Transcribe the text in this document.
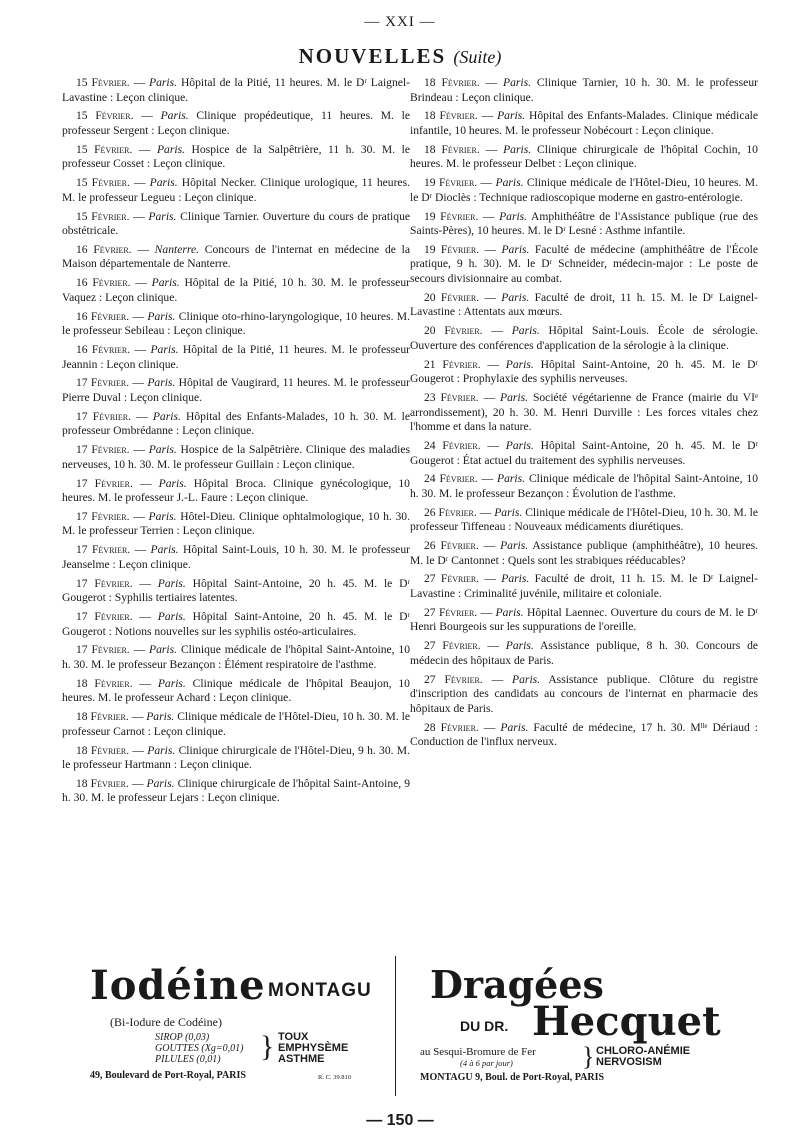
— XXI —
NOUVELLES (Suite)

15 Février. — Paris. Hôpital de la Pitié, 11 heures. M. le Dʳ Laignel-Lavastine : Leçon clinique.

15 Février. — Paris. Clinique propédeutique, 11 heures. M. le professeur Sergent : Leçon clinique.

15 Février. — Paris. Hospice de la Salpêtrière, 11 h. 30. M. le professeur Cosset : Leçon clinique.

15 Février. — Paris. Hôpital Necker. Clinique urologique, 11 heures. M. le professeur Legueu : Leçon clinique.

15 Février. — Paris. Clinique Tarnier. Ouverture du cours de pratique obstétricale.

16 Février. — Nanterre. Concours de l'internat en médecine de la Maison départementale de Nanterre.

16 Février. — Paris. Hôpital de la Pitié, 10 h. 30. M. le professeur Vaquez : Leçon clinique.

16 Février. — Paris. Clinique oto-rhino-laryngologique, 10 heures. M. le professeur Sebileau : Leçon clinique.

16 Février. — Paris. Hôpital de la Pitié, 11 heures. M. le professeur Jeannin : Leçon clinique.

17 Février. — Paris. Hôpital de Vaugirard, 11 heures. M. le professeur Pierre Duval : Leçon clinique.

17 Février. — Paris. Hôpital des Enfants-Malades, 10 h. 30. M. le professeur Ombrédanne : Leçon clinique.

17 Février. — Paris. Hospice de la Salpêtrière. Clinique des maladies nerveuses, 10 h. 30. M. le professeur Guillain : Leçon clinique.

17 Février. — Paris. Hôpital Broca. Clinique gynécologique, 10 heures. M. le professeur J.-L. Faure : Leçon clinique.

17 Février. — Paris. Hôtel-Dieu. Clinique ophtalmologique, 10 h. 30. M. le professeur Terrien : Leçon clinique.

17 Février. — Paris. Hôpital Saint-Louis, 10 h. 30. M. le professeur Jeanselme : Leçon clinique.

17 Février. — Paris. Hôpital Saint-Antoine, 20 h. 45. M. le Dʳ Gougerot : Syphilis tertiaires latentes.

17 Février. — Paris. Hôpital Saint-Antoine, 20 h. 45. M. le Dʳ Gougerot : Notions nouvelles sur les syphilis ostéo-articulaires.

17 Février. — Paris. Clinique médicale de l'hôpital Saint-Antoine, 10 h. 30. M. le professeur Bezançon : Élément respiratoire de l'asthme.

18 Février. — Paris. Clinique médicale de l'hôpital Beaujon, 10 heures. M. le professeur Achard : Leçon clinique.

18 Février. — Paris. Clinique médicale de l'Hôtel-Dieu, 10 h. 30. M. le professeur Carnot : Leçon clinique.

18 Février. — Paris. Clinique chirurgicale de l'Hôtel-Dieu, 9 h. 30. M. le professeur Hartmann : Leçon clinique.

18 Février. — Paris. Clinique chirurgicale de l'hôpital Saint-Antoine, 9 h. 30. M. le professeur Lejars : Leçon clinique.

18 Février. — Paris. Clinique Tarnier, 10 h. 30. M. le professeur Brindeau : Leçon clinique.

18 Février. — Paris. Hôpital des Enfants-Malades. Clinique médicale infantile, 10 heures. M. le professeur Nobécourt : Leçon clinique.

18 Février. — Paris. Clinique chirurgicale de l'hôpital Cochin, 10 heures. M. le professeur Delbet : Leçon clinique.

19 Février. — Paris. Clinique médicale de l'Hôtel-Dieu, 10 heures. M. le Dʳ Dioclès : Technique radioscopique moderne en gastro-entérologie.

19 Février. — Paris. Amphithéâtre de l'Assistance publique (rue des Saints-Pères), 10 heures. M. le Dʳ Lesné : Asthme infantile.

19 Février. — Paris. Faculté de médecine (amphithéâtre de l'École pratique, 9 h. 30). M. le Dʳ Schneider, médecin-major : Le poste de secours divisionnaire au combat.

20 Février. — Paris. Faculté de droit, 11 h. 15. M. le Dʳ Laignel-Lavastine : Attentats aux mœurs.

20 Février. — Paris. Hôpital Saint-Louis. École de sérologie. Ouverture des conférences d'application de la sérologie à la clinique.

21 Février. — Paris. Hôpital Saint-Antoine, 20 h. 45. M. le Dʳ Gougerot : Prophylaxie des syphilis nerveuses.

23 Février. — Paris. Société végétarienne de France (mairie du VIᵉ arrondissement), 20 h. 30. M. Henri Durville : Les forces vitales chez l'homme et dans la nature.

24 Février. — Paris. Hôpital Saint-Antoine, 20 h. 45. M. le Dʳ Gougerot : État actuel du traitement des syphilis nerveuses.

24 Février. — Paris. Clinique médicale de l'hôpital Saint-Antoine, 10 h. 30. M. le professeur Bezançon : Évolution de l'asthme.

26 Février. — Paris. Clinique médicale de l'Hôtel-Dieu, 10 h. 30. M. le professeur Tiffeneau : Nouveaux médicaments diurétiques.

26 Février. — Paris. Assistance publique (amphithéâtre), 10 heures. M. le Dʳ Cantonnet : Quels sont les strabiques rééducables?

27 Février. — Paris. Faculté de droit, 11 h. 15. M. le Dʳ Laignel-Lavastine : Criminalité juvénile, militaire et coloniale.

27 Février. — Paris. Hôpital Laennec. Ouverture du cours de M. le Dʳ Henri Bourgeois sur les suppurations de l'oreille.

27 Février. — Paris. Assistance publique, 8 h. 30. Concours de médecin des hôpitaux de Paris.

27 Février. — Paris. Assistance publique. Clôture du registre d'inscription des candidats au concours de l'internat en pharmacie des hôpitaux de Paris.

28 Février. — Paris. Faculté de médecine, 17 h. 30. Mˡˡᵉ Dériaud : Conduction de l'influx nerveux.

Iodéine MONTAGU
(Bi-Iodure de Codéine)
SIROP (0,03)
GOUTTES (Xg=0,01)
PILULES (0,01)	} TOUX
EMPHYSÈME
ASTHME
49, Boulevard de Port-Royal, PARIS	R. C. 39.810
Dragées
DU DR. Hecquet
au Sesqui-Bromure de Fer
(4 à 6 par jour)	} CHLORO-ANÉMIE
NERVOSISM
MONTAGU 9, Boul. de Port-Royal, PARIS
— 150 —
